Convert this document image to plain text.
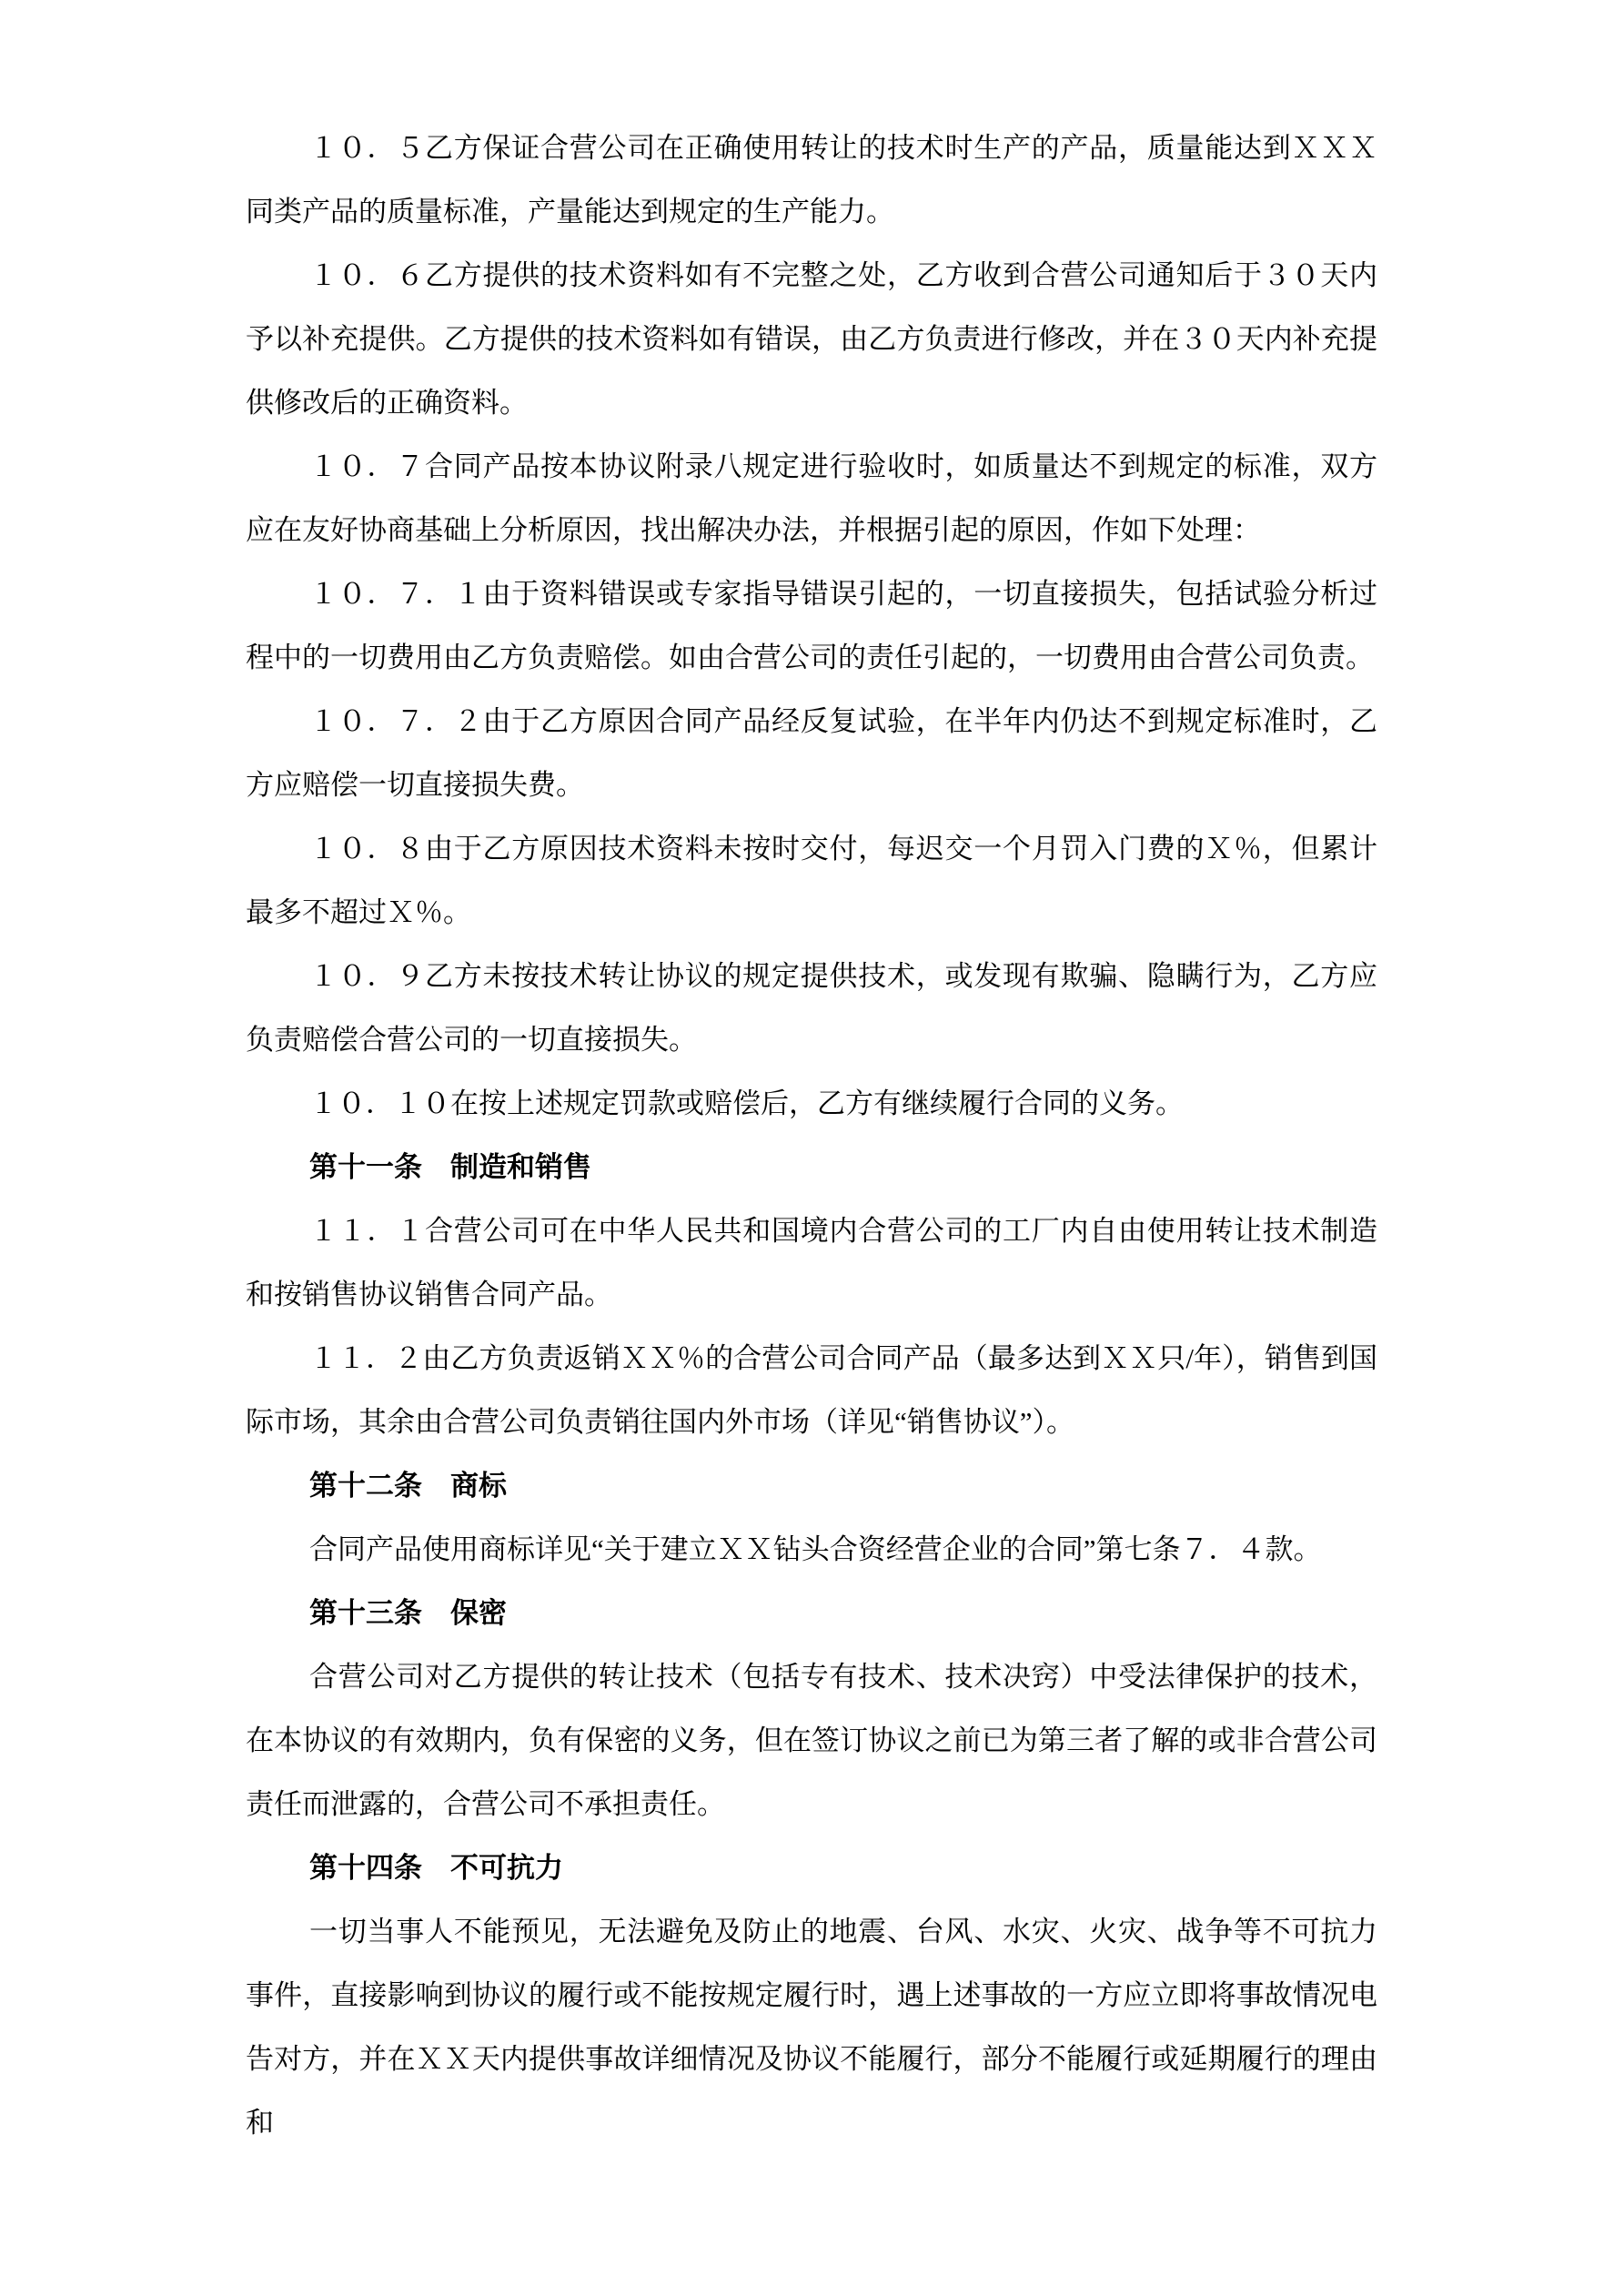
１０．５乙方保证合营公司在正确使用转让的技术时生产的产品，质量能达到ＸＸＸ同类产品的质量标准，产量能达到规定的生产能力。

１０．６乙方提供的技术资料如有不完整之处，乙方收到合营公司通知后于３０天内予以补充提供。乙方提供的技术资料如有错误，由乙方负责进行修改，并在３０天内补充提供修改后的正确资料。

１０．７合同产品按本协议附录八规定进行验收时，如质量达不到规定的标准，双方应在友好协商基础上分析原因，找出解决办法，并根据引起的原因，作如下处理：

１０．７．１由于资料错误或专家指导错误引起的，一切直接损失，包括试验分析过程中的一切费用由乙方负责赔偿。如由合营公司的责任引起的，一切费用由合营公司负责。

１０．７．２由于乙方原因合同产品经反复试验，在半年内仍达不到规定标准时，乙方应赔偿一切直接损失费。

１０．８由于乙方原因技术资料未按时交付，每迟交一个月罚入门费的Ｘ％，但累计最多不超过Ｘ％。

１０．９乙方未按技术转让协议的规定提供技术，或发现有欺骗、隐瞒行为，乙方应负责赔偿合营公司的一切直接损失。

１０．１０在按上述规定罚款或赔偿后，乙方有继续履行合同的义务。

第十一条　制造和销售

１１．１合营公司可在中华人民共和国境内合营公司的工厂内自由使用转让技术制造和按销售协议销售合同产品。

１１．２由乙方负责返销ＸＸ％的合营公司合同产品（最多达到ＸＸ只/年），销售到国际市场，其余由合营公司负责销往国内外市场（详见“销售协议”）。

第十二条　商标

合同产品使用商标详见“关于建立ＸＸ钻头合资经营企业的合同”第七条７．４款。

第十三条　保密

合营公司对乙方提供的转让技术（包括专有技术、技术决窍）中受法律保护的技术，在本协议的有效期内，负有保密的义务，但在签订协议之前已为第三者了解的或非合营公司责任而泄露的，合营公司不承担责任。

第十四条　不可抗力

一切当事人不能预见，无法避免及防止的地震、台风、水灾、火灾、战争等不可抗力事件，直接影响到协议的履行或不能按规定履行时，遇上述事故的一方应立即将事故情况电告对方，并在ＸＸ天内提供事故详细情况及协议不能履行，部分不能履行或延期履行的理由和
